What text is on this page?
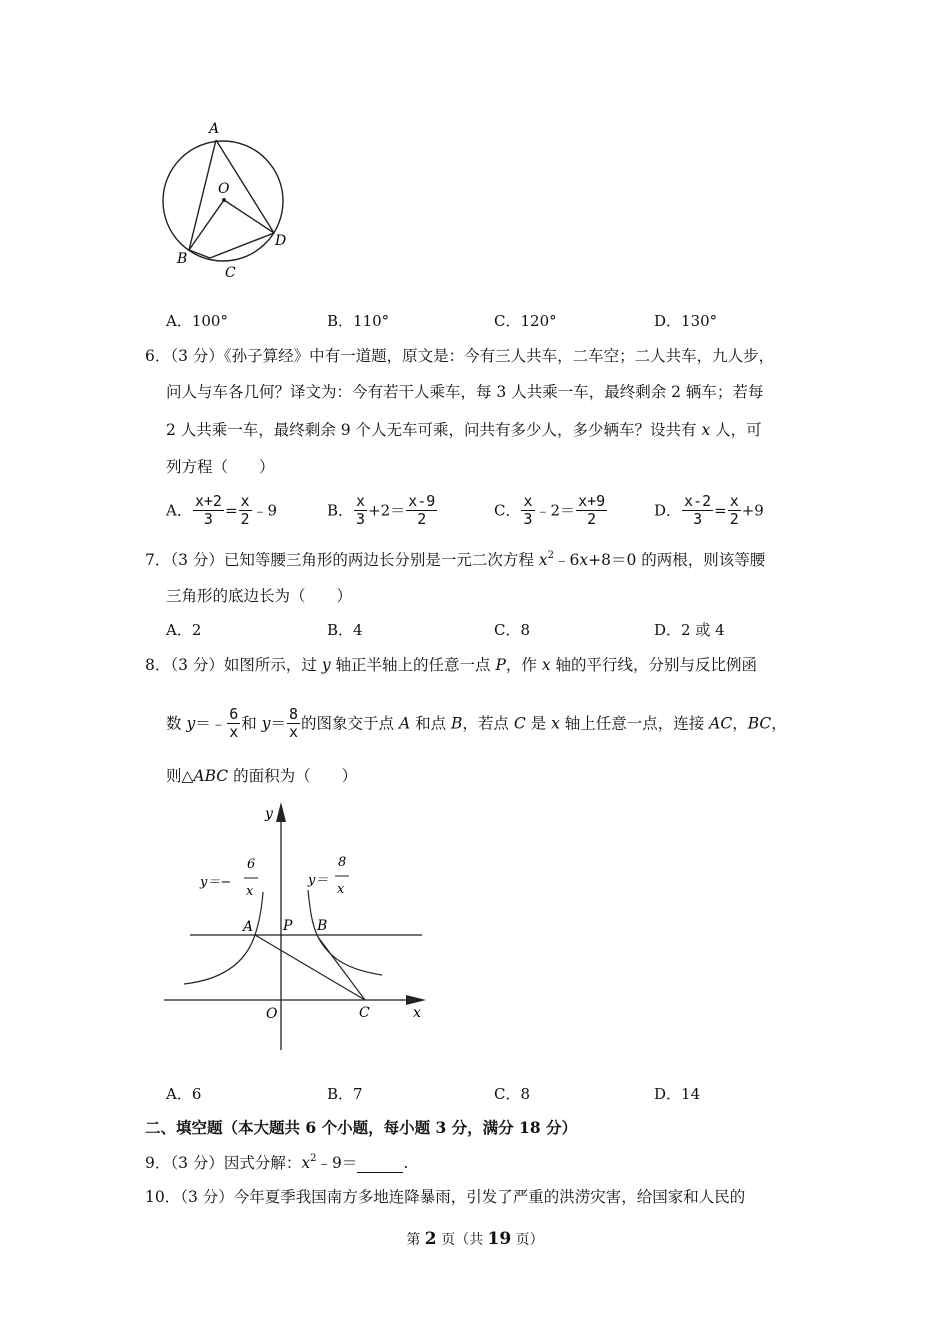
A
O
D
B
C
A．100°	B．110°	C．120°	D．130°
6．（3 分）《孙子算经》中有一道题，原文是：今有三人共车，二车空；二人共车，九人步，
问人与车各几何？译文为：今有若干人乘车，每 3 人共乘一车，最终剩余 2 辆车；若每
2 人共乘一车，最终剩余 9 个人无车可乘，问共有多少人，多少辆车？设共有 x 人，可
列方程（　　）
A． $\frac{x+2}{3} = \frac{x}{2}$ ﹣9	B． $\frac{x}{3} +2= \frac{x-9}{2}$	C． $\frac{x}{3}$ ﹣2＝ $\frac{x+9}{2}$	D． $\frac{x-2}{3} = \frac{x}{2} +9$
7．（3 分）已知等腰三角形的两边长分别是一元二次方程 $x^2﹣6x+8=0$ 的两根，则该等腰
三角形的底边长为（　　）
A．2	B．4	C．8	D．2 或 4
8．（3 分）如图所示，过 y 轴正半轴上的任意一点 P，作 x 轴的平行线，分别与反比例函
数 y＝﹣ $\frac{6}{x}$ 和 $y= \frac{8}{x}$ 的图象交于点 A 和点 B，若点 C 是 x 轴上任意一点，连接 AC，BC，
则△ABC 的面积为（　　）
y
x
O	C
A P B
y＝−
6
x
y＝
8
x
A．6	B．7	C．8	D．14
二、填空题（本大题共 6 个小题，每小题 3 分，满分 18 分）
9．（3 分）因式分解：$x^2﹣9=$	.
10．（3 分）今年夏季我国南方多地连降暴雨，引发了严重的洪涝灾害，给国家和人民的
第 2 页（共 19 页）
